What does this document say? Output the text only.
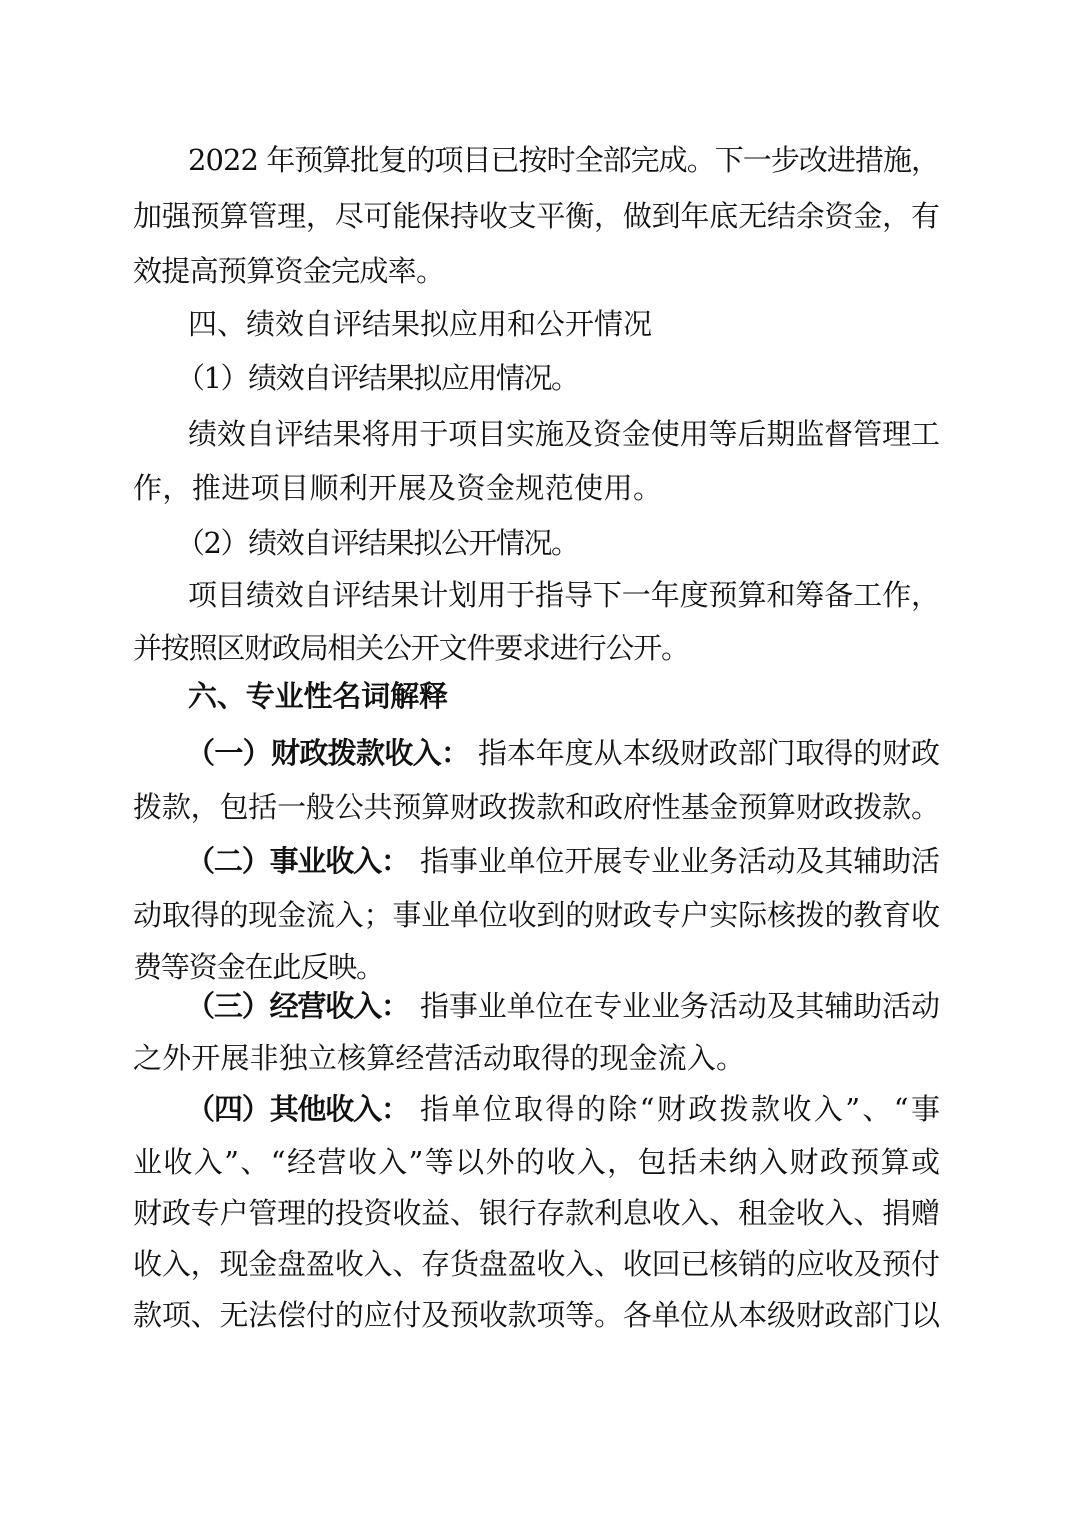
2022 年预算批复的项目已按时全部完成。下一步改进措施，
加强预算管理，尽可能保持收支平衡，做到年底无结余资金，有
效提高预算资金完成率。
四、绩效自评结果拟应用和公开情况
（1）绩效自评结果拟应用情况。
绩效自评结果将用于项目实施及资金使用等后期监督管理工
作，推进项目顺利开展及资金规范使用。
（2）绩效自评结果拟公开情况。
项目绩效自评结果计划用于指导下一年度预算和筹备工作，
并按照区财政局相关公开文件要求进行公开。
六、专业性名词解释
（一）财政拨款收入： 指本年度从本级财政部门取得的财政
拨款，包括一般公共预算财政拨款和政府性基金预算财政拨款。
（二）事业收入： 指事业单位开展专业业务活动及其辅助活
动取得的现金流入；事业单位收到的财政专户实际核拨的教育收
费等资金在此反映。
（三）经营收入： 指事业单位在专业业务活动及其辅助活动
之外开展非独立核算经营活动取得的现金流入。
（四）其他收入： 指单位取得的除“财政拨款收入”、“事
业收入”、“经营收入”等以外的收入，包括未纳入财政预算或
财政专户管理的投资收益、银行存款利息收入、租金收入、捐赠
收入，现金盘盈收入、存货盘盈收入、收回已核销的应收及预付
款项、无法偿付的应付及预收款项等。各单位从本级财政部门以
